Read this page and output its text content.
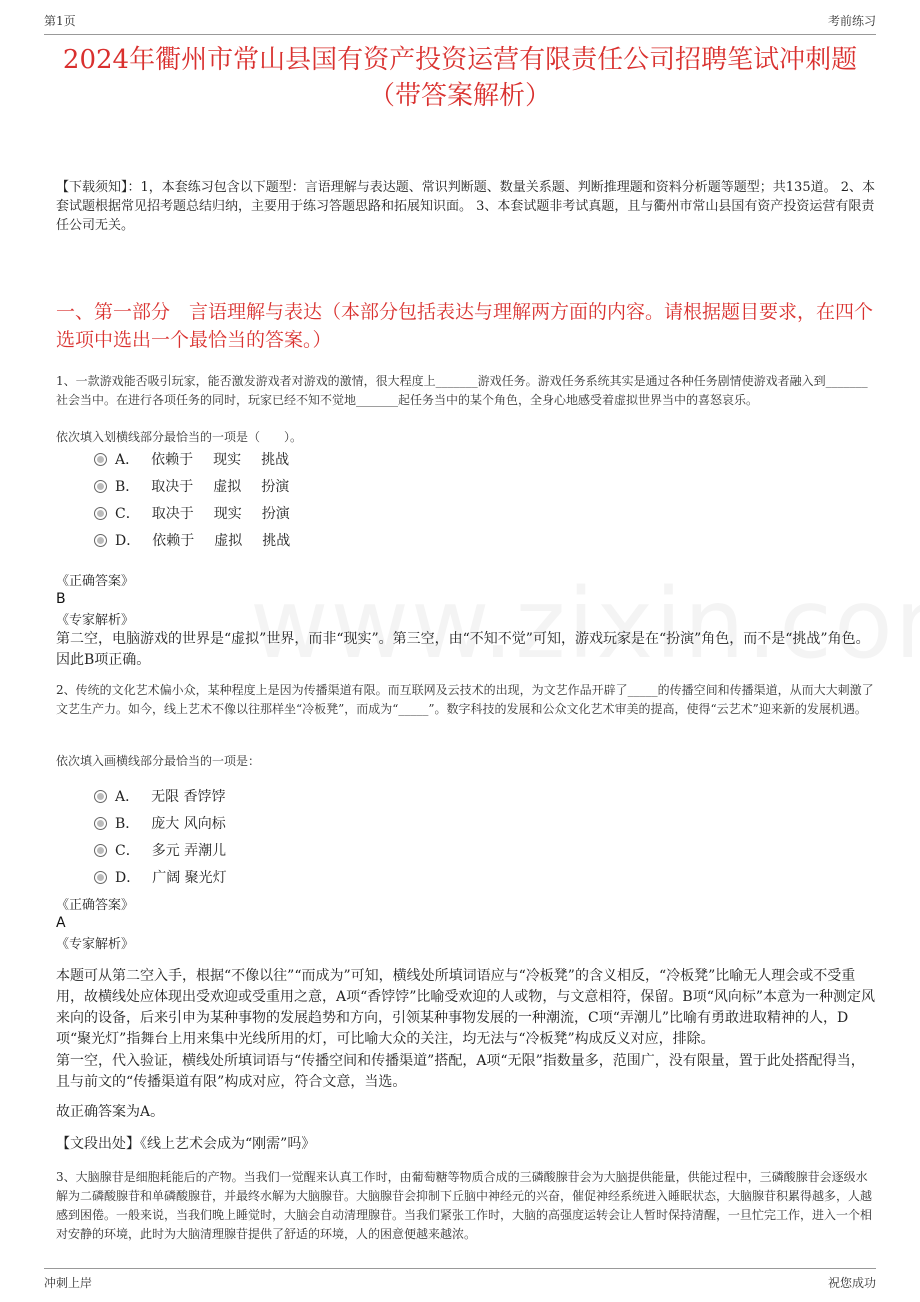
第1页	考前练习
2024年衢州市常山县国有资产投资运营有限责任公司招聘笔试冲刺题（带答案解析）
【下载须知】：1，本套练习包含以下题型：言语理解与表达题、常识判断题、数量关系题、判断推理题和资料分析题等题型；共135道。 2、本套试题根据常见招考题总结归纳，主要用于练习答题思路和拓展知识面。 3、本套试题非考试真题，且与衢州市常山县国有资产投资运营有限责任公司无关。
一、第一部分　言语理解与表达（本部分包括表达与理解两方面的内容。请根据题目要求，在四个选项中选出一个最恰当的答案。）
1、一款游戏能否吸引玩家，能否激发游戏者对游戏的激情，很大程度上_______游戏任务。游戏任务系统其实是通过各种任务剧情使游戏者融入到_______社会当中。在进行各项任务的同时，玩家已经不知不觉地_______起任务当中的某个角色，全身心地感受着虚拟世界当中的喜怒哀乐。
依次填入划横线部分最恰当的一项是（　　）。
A． 依赖于 现实 挑战
B． 取决于 虚拟 扮演
C． 取决于 现实 扮演
D． 依赖于 虚拟 挑战
《正确答案》
B
《专家解析》
第二空，电脑游戏的世界是“虚拟”世界，而非“现实”。第三空，由“不知不觉”可知，游戏玩家是在“扮演”角色，而不是“挑战”角色。因此B项正确。
2、传统的文化艺术偏小众，某种程度上是因为传播渠道有限。而互联网及云技术的出现，为文艺作品开辟了_____的传播空间和传播渠道，从而大大刺激了文艺生产力。如今，线上艺术不像以往那样坐“冷板凳”，而成为“_____”。数字科技的发展和公众文化艺术审美的提高，使得“云艺术”迎来新的发展机遇。
依次填入画横线部分最恰当的一项是：
A． 无限 香饽饽
B． 庞大 风向标
C． 多元 弄潮儿
D． 广阔 聚光灯
《正确答案》
A
《专家解析》
本题可从第二空入手，根据“不像以往”“而成为”可知，横线处所填词语应与“冷板凳”的含义相反，“冷板凳”比喻无人理会或不受重用，故横线处应体现出受欢迎或受重用之意，A项“香饽饽”比喻受欢迎的人或物，与文意相符，保留。B项“风向标”本意为一种测定风来向的设备，后来引申为某种事物的发展趋势和方向，引领某种事物发展的一种潮流，C项“弄潮儿”比喻有勇敢进取精神的人，D项“聚光灯”指舞台上用来集中光线所用的灯，可比喻大众的关注，均无法与“冷板凳”构成反义对应，排除。
第一空，代入验证，横线处所填词语与“传播空间和传播渠道”搭配，A项“无限”指数量多，范围广，没有限量，置于此处搭配得当，且与前文的“传播渠道有限”构成对应，符合文意，当选。
故正确答案为A。
【文段出处】《线上艺术会成为“刚需”吗》
3、大脑腺苷是细胞耗能后的产物。当我们一觉醒来认真工作时，由葡萄糖等物质合成的三磷酸腺苷会为大脑提供能量，供能过程中，三磷酸腺苷会逐级水解为二磷酸腺苷和单磷酸腺苷，并最终水解为大脑腺苷。大脑腺苷会抑制下丘脑中神经元的兴奋，催促神经系统进入睡眠状态，大脑腺苷积累得越多，人越感到困倦。一般来说，当我们晚上睡觉时，大脑会自动清理腺苷。当我们紧张工作时，大脑的高强度运转会让人暂时保持清醒，一旦忙完工作，进入一个相对安静的环境，此时为大脑清理腺苷提供了舒适的环境，人的困意便越来越浓。
冲刺上岸	祝您成功
